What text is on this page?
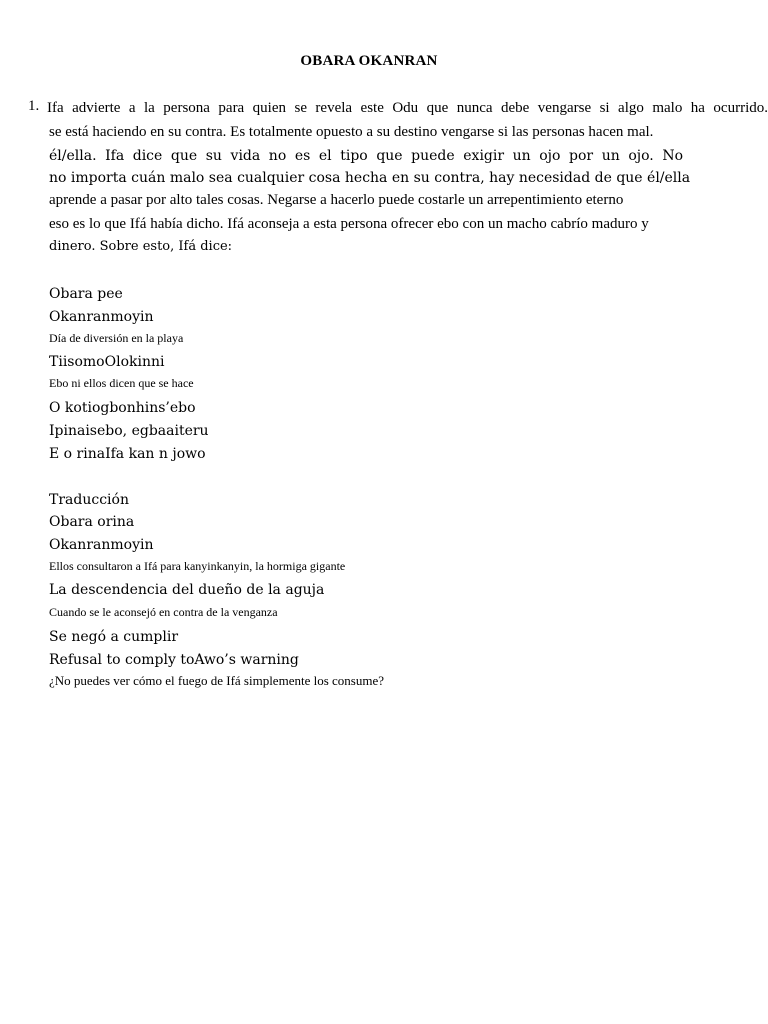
OBARA OKANRAN
1. Ifa advierte a la persona para quien se revela este Odu que nunca debe vengarse si algo malo ha ocurrido.
se está haciendo en su contra. Es totalmente opuesto a su destino vengarse si las personas hacen mal.
él/ella. Ifa dice que su vida no es el tipo que puede exigir un ojo por un ojo. No
no importa cuán malo sea cualquier cosa hecha en su contra, hay necesidad de que él/ella
aprende a pasar por alto tales cosas. Negarse a hacerlo puede costarle un arrepentimiento eterno
eso es lo que Ifá había dicho. Ifá aconseja a esta persona ofrecer ebo con un macho cabrío maduro y
dinero. Sobre esto, Ifá dice:
Obara pee
Okanranmoyin
Día de diversión en la playa
TiisomoOlokinni
Ebo ni ellos dicen que se hace
O kotiogbonhins’ebo
Ipinaisebo, egbaaiteru
E o rinaIfa kan n jowo
Traducción
Obara orina
Okanranmoyin
Ellos consultaron a Ifá para kanyinkanyin, la hormiga gigante
La descendencia del dueño de la aguja
Cuando se le aconsejó en contra de la venganza
Se negó a cumplir
Refusal to comply toAwo’s warning
¿No puedes ver cómo el fuego de Ifá simplemente los consume?
